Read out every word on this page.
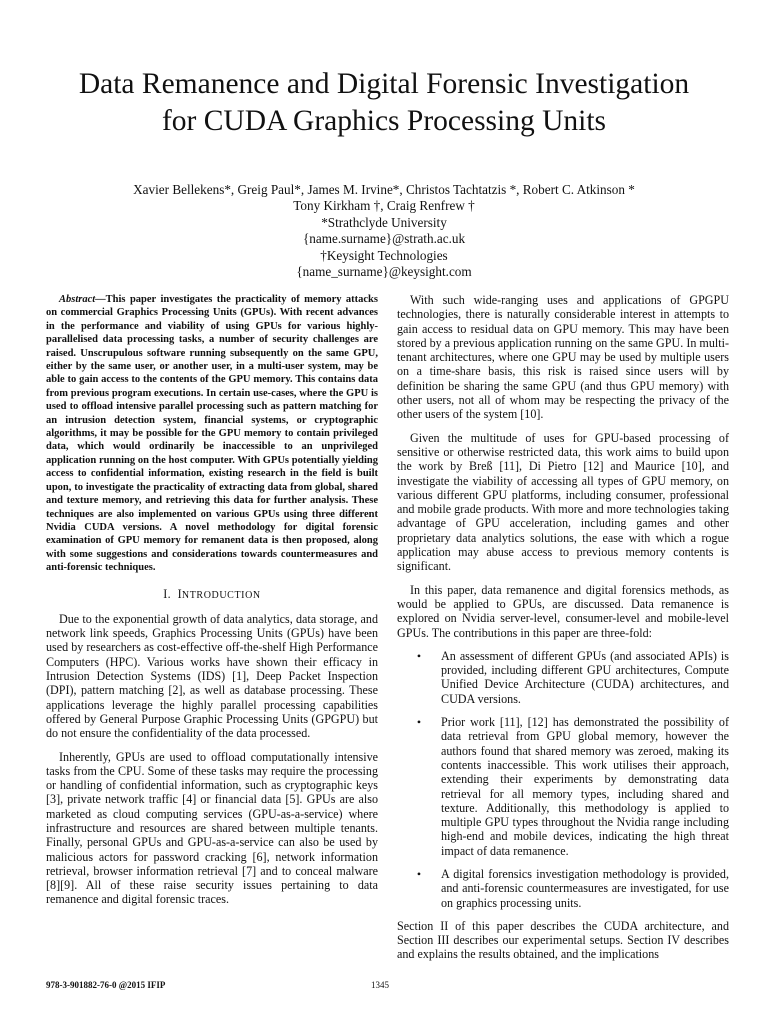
Data Remanence and Digital Forensic Investigation
for CUDA Graphics Processing Units
Xavier Bellekens*, Greig Paul*, James M. Irvine*, Christos Tachtatzis *, Robert C. Atkinson *
Tony Kirkham †, Craig Renfrew †
*Strathclyde University
{name.surname}@strath.ac.uk
†Keysight Technologies
{name_surname}@keysight.com

Abstract—This paper investigates the practicality of memory attacks on commercial Graphics Processing Units (GPUs). With recent advances in the performance and viability of using GPUs for various highly-parallelised data processing tasks, a number of security challenges are raised. Unscrupulous software running subsequently on the same GPU, either by the same user, or another user, in a multi-user system, may be able to gain access to the contents of the GPU memory. This contains data from previous program executions. In certain use-cases, where the GPU is used to offload intensive parallel processing such as pattern matching for an intrusion detection system, financial systems, or cryptographic algorithms, it may be possible for the GPU memory to contain privileged data, which would ordinarily be inaccessible to an unprivileged application running on the host computer. With GPUs potentially yielding access to confidential information, existing research in the field is built upon, to investigate the practicality of extracting data from global, shared and texture memory, and retrieving this data for further analysis. These techniques are also implemented on various GPUs using three different Nvidia CUDA versions. A novel methodology for digital forensic examination of GPU memory for remanent data is then proposed, along with some suggestions and considerations towards countermeasures and anti-forensic techniques.

I. INTRODUCTION

Due to the exponential growth of data analytics, data storage, and network link speeds, Graphics Processing Units (GPUs) have been used by researchers as cost-effective off-the-shelf High Performance Computers (HPC). Various works have shown their efficacy in Intrusion Detection Systems (IDS) [1], Deep Packet Inspection (DPI), pattern matching [2], as well as database processing. These applications leverage the highly parallel processing capabilities offered by General Purpose Graphic Processing Units (GPGPU) but do not ensure the confidentiality of the data processed.

Inherently, GPUs are used to offload computationally intensive tasks from the CPU. Some of these tasks may require the processing or handling of confidential information, such as cryptographic keys [3], private network traffic [4] or financial data [5]. GPUs are also marketed as cloud computing services (GPU-as-a-service) where infrastructure and resources are shared between multiple tenants. Finally, personal GPUs and GPU-as-a-service can also be used by malicious actors for password cracking [6], network information retrieval, browser information retrieval [7] and to conceal malware [8][9]. All of these raise security issues pertaining to data remanence and digital forensic traces.

With such wide-ranging uses and applications of GPGPU technologies, there is naturally considerable interest in attempts to gain access to residual data on GPU memory. This may have been stored by a previous application running on the same GPU. In multi-tenant architectures, where one GPU may be used by multiple users on a time-share basis, this risk is raised since users will by definition be sharing the same GPU (and thus GPU memory) with other users, not all of whom may be respecting the privacy of the other users of the system [10].

Given the multitude of uses for GPU-based processing of sensitive or otherwise restricted data, this work aims to build upon the work by Breß [11], Di Pietro [12] and Maurice [10], and investigate the viability of accessing all types of GPU memory, on various different GPU platforms, including consumer, professional and mobile grade products. With more and more technologies taking advantage of GPU acceleration, including games and other proprietary data analytics solutions, the ease with which a rogue application may abuse access to previous memory contents is significant.

In this paper, data remanence and digital forensics methods, as would be applied to GPUs, are discussed. Data remanence is explored on Nvidia server-level, consumer-level and mobile-level GPUs. The contributions in this paper are three-fold:

•	An assessment of different GPUs (and associated APIs) is provided, including different GPU architectures, Compute Unified Device Architecture (CUDA) architectures, and CUDA versions.
•	Prior work [11], [12] has demonstrated the possibility of data retrieval from GPU global memory, however the authors found that shared memory was zeroed, making its contents inaccessible. This work utilises their approach, extending their experiments by demonstrating data retrieval for all memory types, including shared and texture. Additionally, this methodology is applied to multiple GPU types throughout the Nvidia range including high-end and mobile devices, indicating the high threat impact of data remanence.
•	A digital forensics investigation methodology is provided, and anti-forensic countermeasures are investigated, for use on graphics processing units.

Section II of this paper describes the CUDA architecture, and Section III describes our experimental setups. Section IV describes and explains the results obtained, and the implications

978-3-901882-76-0 @2015 IFIP	1345
